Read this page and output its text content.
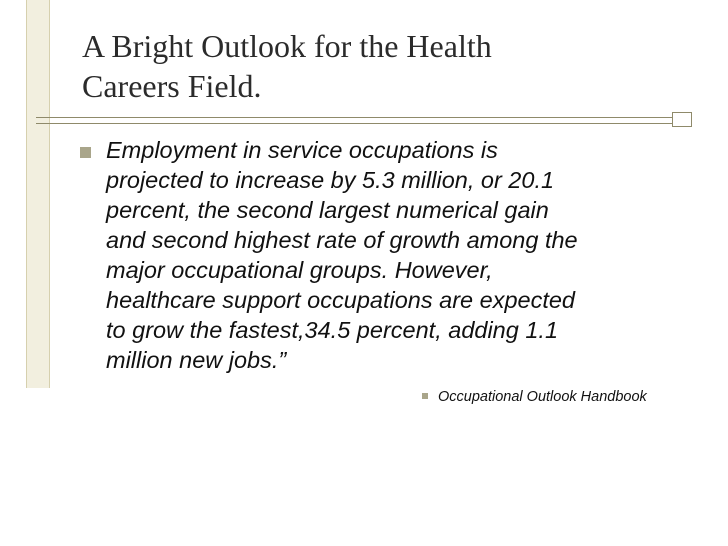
A Bright Outlook for the Health
Careers Field.

Employment in service occupations is
projected to increase by 5.3 million, or 20.1
percent, the second largest numerical gain
and second highest rate of growth among the
major occupational groups. However,
healthcare support occupations are expected
to grow the fastest,34.5 percent, adding 1.1
million new jobs.”

Occupational Outlook Handbook
